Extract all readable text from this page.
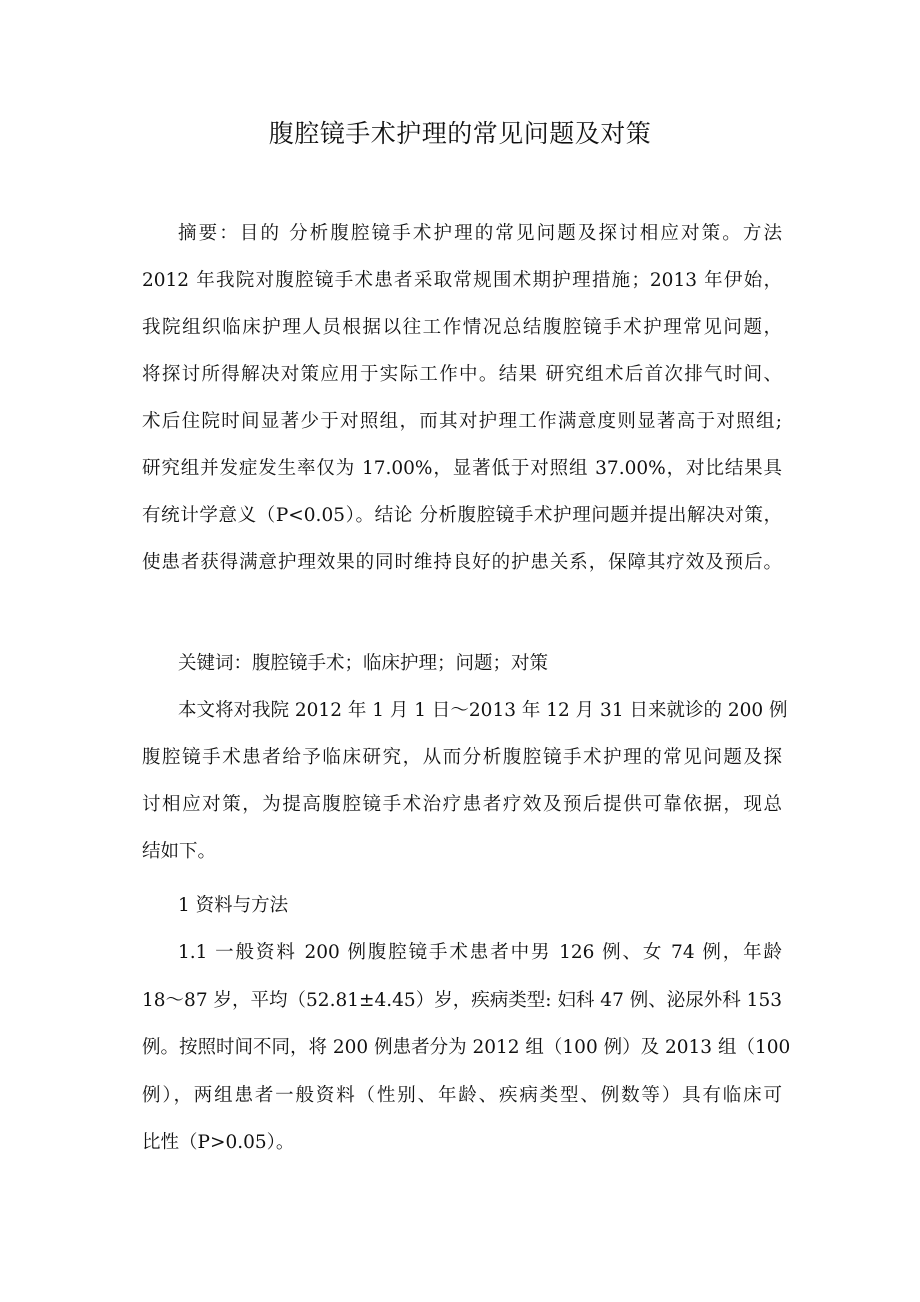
腹腔镜手术护理的常见问题及对策
摘要：目的 分析腹腔镜手术护理的常见问题及探讨相应对策。方法
2012 年我院对腹腔镜手术患者采取常规围术期护理措施；2013 年伊始，
我院组织临床护理人员根据以往工作情况总结腹腔镜手术护理常见问题，
将探讨所得解决对策应用于实际工作中。结果 研究组术后首次排气时间、
术后住院时间显著少于对照组，而其对护理工作满意度则显著高于对照组;
研究组并发症发生率仅为 17.00%，显著低于对照组 37.00%，对比结果具
有统计学意义（P<0.05）。结论 分析腹腔镜手术护理问题并提出解决对策，
使患者获得满意护理效果的同时维持良好的护患关系，保障其疗效及预后。
关键词：腹腔镜手术；临床护理；问题；对策
本文将对我院 2012 年 1 月 1 日～2013 年 12 月 31 日来就诊的 200 例
腹腔镜手术患者给予临床研究，从而分析腹腔镜手术护理的常见问题及探
讨相应对策，为提高腹腔镜手术治疗患者疗效及预后提供可靠依据，现总
结如下。
1 资料与方法
1.1 一般资料 200 例腹腔镜手术患者中男 126 例、女 74 例，年龄
18～87 岁，平均（52.81±4.45）岁，疾病类型: 妇科 47 例、泌尿外科 153
例。按照时间不同，将 200 例患者分为 2012 组（100 例）及 2013 组（100
例），两组患者一般资料（性别、年龄、疾病类型、例数等）具有临床可
比性（P>0.05）。
